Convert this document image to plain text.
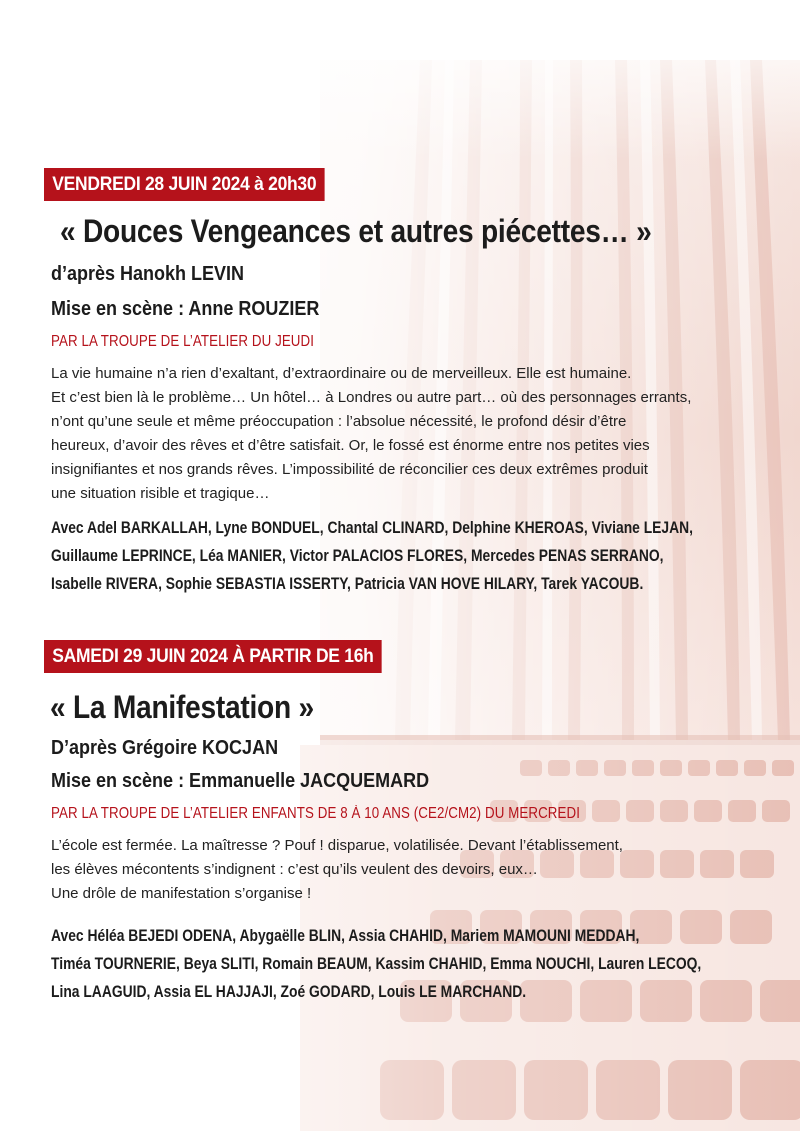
VENDREDI 28 JUIN 2024 à 20h30
« Douces Vengeances et autres piécettes… »
d’après Hanokh LEVIN
Mise en scène : Anne ROUZIER
PAR LA TROUPE DE L’ATELIER DU JEUDI
La vie humaine n’a rien d’exaltant, d’extraordinaire ou de merveilleux. Elle est humaine.
Et c’est bien là le problème… Un hôtel… à Londres ou autre part… où des personnages errants,
n’ont qu’une seule et même préoccupation : l’absolue nécessité, le profond désir d’être
heureux, d’avoir des rêves et d’être satisfait. Or, le fossé est énorme entre nos petites vies
insignifiantes et nos grands rêves. L’impossibilité de réconcilier ces deux extrêmes produit
une situation risible et tragique…
Avec Adel BARKALLAH, Lyne BONDUEL, Chantal CLINARD, Delphine KHEROAS, Viviane LEJAN,
Guillaume LEPRINCE, Léa MANIER, Victor PALACIOS FLORES, Mercedes PENAS SERRANO,
Isabelle RIVERA, Sophie SEBASTIA ISSERTY, Patricia VAN HOVE HILARY, Tarek YACOUB.
SAMEDI 29 JUIN 2024 À PARTIR DE 16h
« La Manifestation »
D’après Grégoire KOCJAN
Mise en scène : Emmanuelle JACQUEMARD
PAR LA TROUPE DE L’ATELIER ENFANTS DE 8 À 10 ANS (CE2/CM2) DU MERCREDI
L’école est fermée. La maîtresse ? Pouf ! disparue, volatilisée. Devant l’établissement,
les élèves mécontents s’indignent : c’est qu’ils veulent des devoirs, eux…
Une drôle de manifestation s’organise !
Avec Héléa BEJEDI ODENA, Abygaëlle BLIN, Assia CHAHID, Mariem MAMOUNI MEDDAH,
Timéa TOURNERIE, Beya SLITI, Romain BEAUM, Kassim CHAHID, Emma NOUCHI, Lauren LECOQ,
Lina LAAGUID, Assia EL HAJJAJI, Zoé GODARD, Louis LE MARCHAND.
